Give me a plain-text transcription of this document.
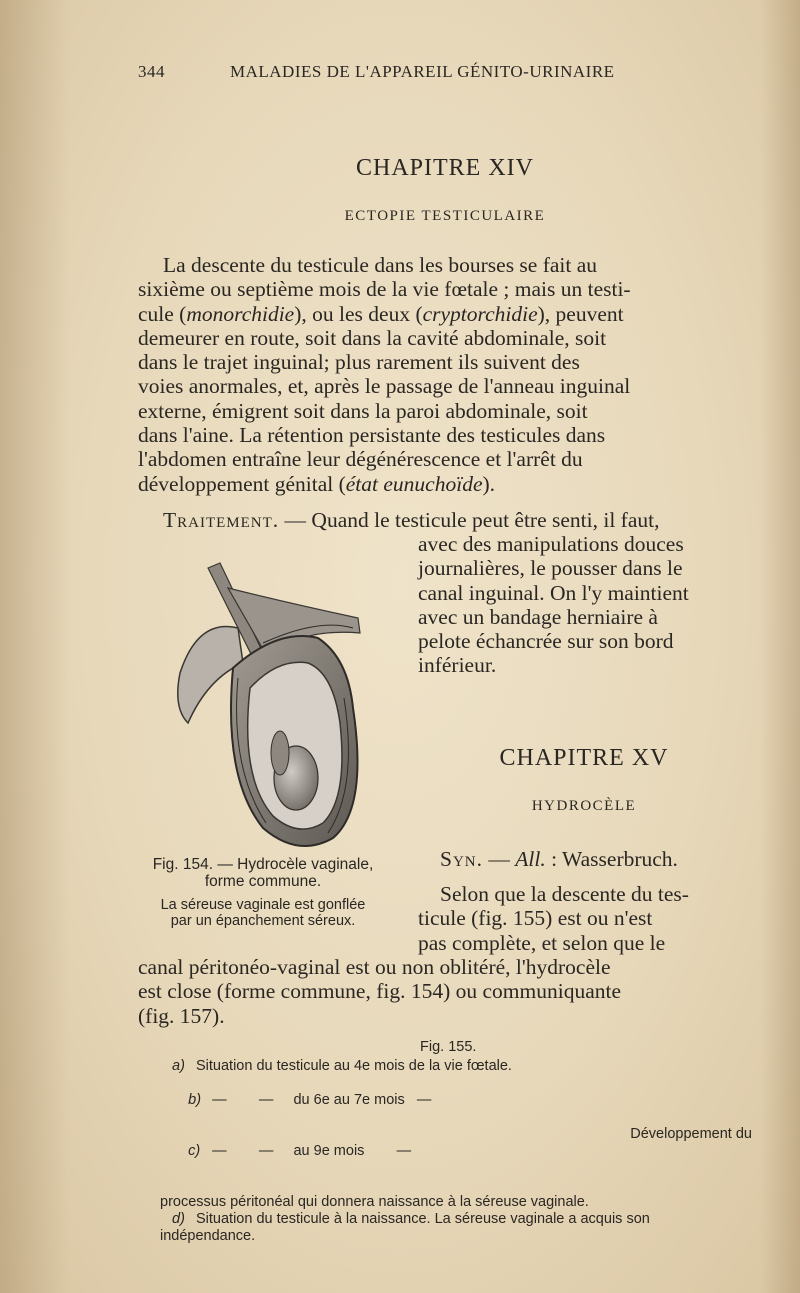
344	MALADIES DE L'APPAREIL GÉNITO-URINAIRE
CHAPITRE XIV
ECTOPIE TESTICULAIRE
La descente du testicule dans les bourses se fait au
sixième ou septième mois de la vie fœtale ; mais un testi-
cule (monorchidie), ou les deux (cryptorchidie), peuvent
demeurer en route, soit dans la cavité abdominale, soit
dans le trajet inguinal; plus rarement ils suivent des
voies anormales, et, après le passage de l'anneau inguinal
externe, émigrent soit dans la paroi abdominale, soit
dans l'aine. La rétention persistante des testicules dans
l'abdomen entraîne leur dégénérescence et l'arrêt du
développement génital (état eunuchoïde).
Traitement. — Quand le testicule peut être senti, il faut,
avec des manipulations douces
journalières, le pousser dans le
canal inguinal. On l'y maintient
avec un bandage herniaire à
pelote échancrée sur son bord
inférieur.
Fig. 154. — Hydrocèle vaginale,
forme commune.
La séreuse vaginale est gonflée
par un épanchement séreux.
CHAPITRE XV
HYDROCÈLE
Syn. — All. : Wasserbruch.
Selon que la descente du tes-
ticule (fig. 155) est ou n'est
pas complète, et selon que le
canal péritonéo-vaginal est ou non oblitéré, l'hydrocèle
est close (forme commune, fig. 154) ou communiquante
(fig. 157).
Fig. 155.
a) Situation du testicule au 4e mois de la vie fœtale.

b) —        —     du 6e au 7e mois   —

c) —        —     au 9e mois        —

Développement du

processus péritonéal qui donnera naissance à la séreuse vaginale.
d) Situation du testicule à la naissance. La séreuse vaginale a acquis son
indépendance.
